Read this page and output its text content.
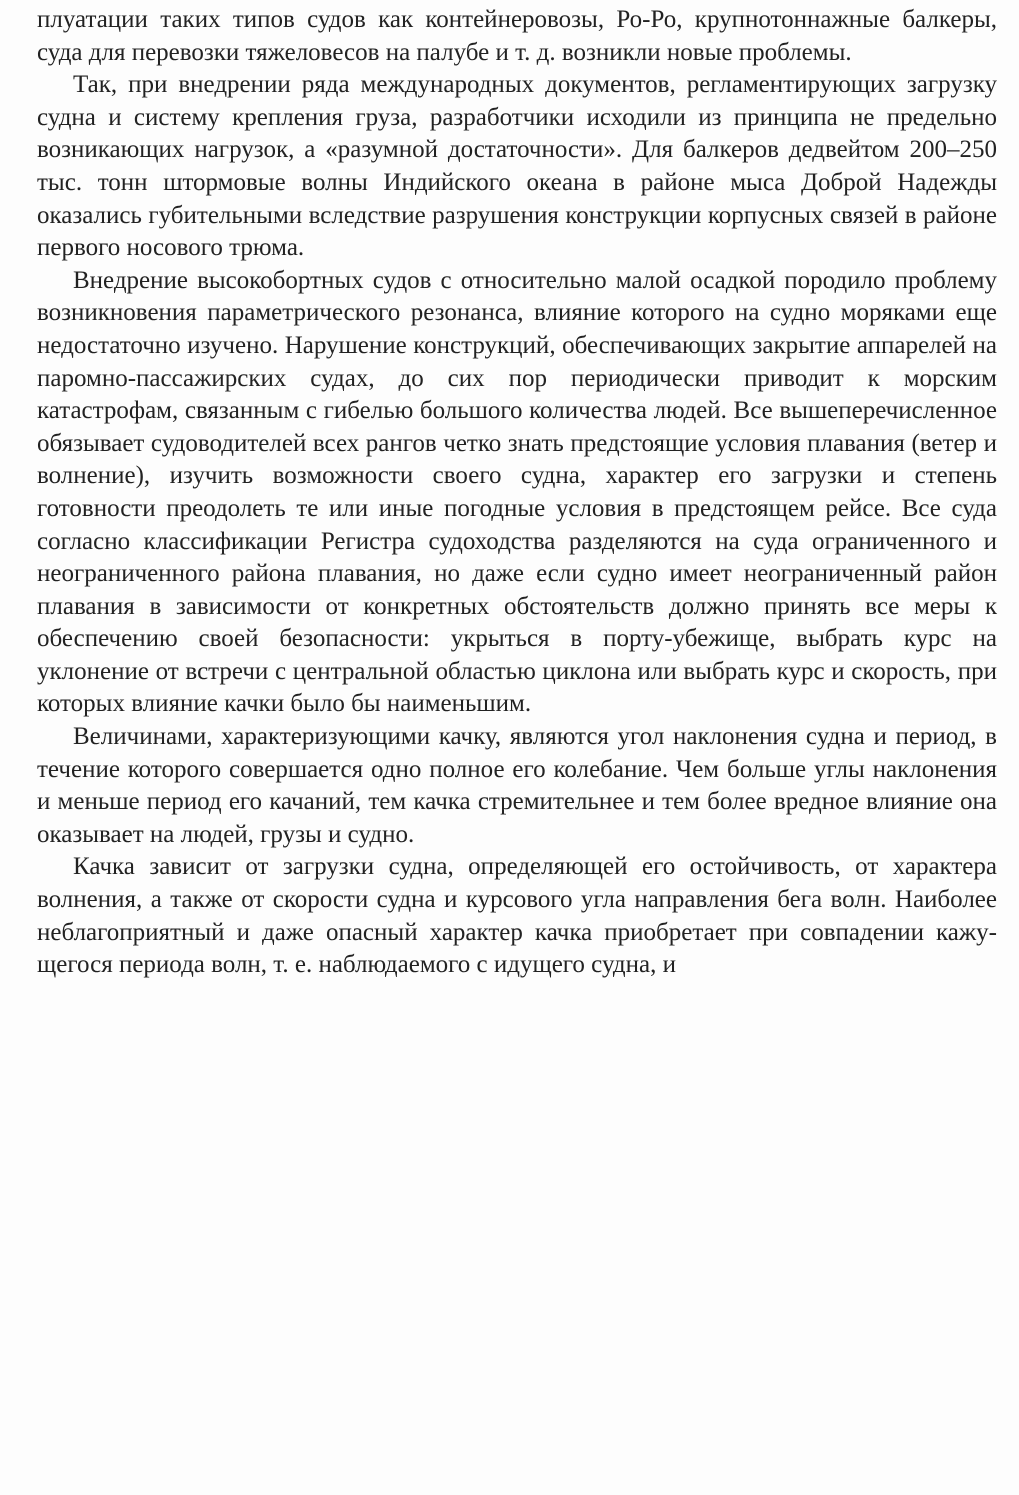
плуатации таких типов судов как контейнеровозы, Ро-Ро, крупнотоннажные балкеры, суда для перевозки тяжеловесов на палубе и т. д. возникли новые проблемы.

Так, при внедрении ряда международных документов, регламентирующих загрузку судна и систему крепления груза, разработчики исходили из принципа не предельно возникающих нагрузок, а «разумной достаточности». Для балкеров дедвейтом 200–250 тыс. тонн штормовые волны Индийского океана в районе мыса Доброй Надежды оказались губительными вследствие разрушения конструкции корпусных связей в районе первого носового трюма.

Внедрение высокобортных судов с относительно малой осадкой породило проблему возникновения параметрического резонанса, влияние которого на судно моряками еще недостаточно изучено. Нарушение конструкций, обеспечивающих закрытие аппарелей на паромно-пассажирских судах, до сих пор периодически приводит к морским катастрофам, связанным с гибелью большого количества людей. Все вышеперечисленное обязывает судоводителей всех рангов четко знать предстоящие условия плавания (ветер и волнение), изучить возможности своего судна, характер его загрузки и степень готовности преодолеть те или иные погодные условия в предстоящем рейсе. Все суда согласно классификации Регистра судоходства разделяются на суда ограниченного и неограниченного района плавания, но даже если судно имеет неограниченный район плавания в зависимости от конкретных обстоятельств должно принять все меры к обеспечению своей безопасности: укрыться в порту-убежище, выбрать курс на уклонение от встречи с центральной областью циклона или выбрать курс и скорость, при которых влияние качки было бы наименьшим.

Величинами, характеризующими качку, являются угол наклонения судна и период, в течение которого совершается одно полное его колебание. Чем больше углы наклонения и меньше период его качаний, тем качка стремительнее и тем более вредное влияние она оказывает на людей, грузы и судно.

Качка зависит от загрузки судна, определяющей его остойчивость, от характера волнения, а также от скорости судна и курсового угла направления бега волн. Наиболее неблагоприятный и даже опасный характер качка приобретает при совпадении кажущегося периода волн, т. е. наблюдаемого с идущего судна, и
